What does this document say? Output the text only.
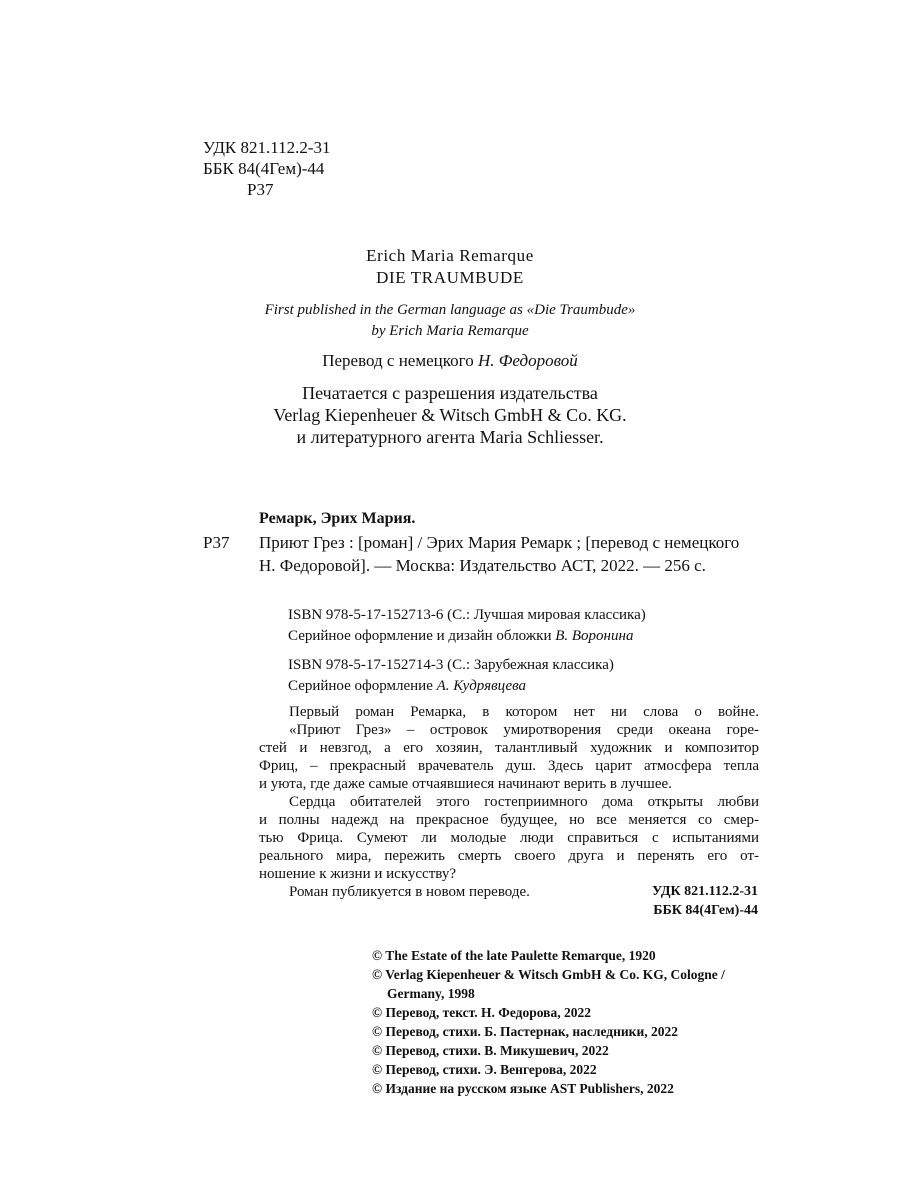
УДК 821.112.2-31
ББК 84(4Гем)-44
Р37
Erich Maria Remarque
DIE TRAUMBUDE
First published in the German language as «Die Traumbude»
by Erich Maria Remarque
Перевод с немецкого Н. Федоровой
Печатается с разрешения издательства
Verlag Kiepenheuer & Witsch GmbH & Co. KG.
и литературного агента Maria Schliesser.
Ремарк, Эрих Мария.
Р37 Приют Грез : [роман] / Эрих Мария Ремарк ; [перевод с немецкого Н. Федоровой]. — Москва: Издательство АСТ, 2022. — 256 с.
ISBN 978-5-17-152713-6 (С.: Лучшая мировая классика)
Серийное оформление и дизайн обложки В. Воронина
ISBN 978-5-17-152714-3 (С.: Зарубежная классика)
Серийное оформление А. Кудрявцева

Первый роман Ремарка, в котором нет ни слова о войне.

«Приют Грез» – островок умиротворения среди океана горе-

стей и невзгод, а его хозяин, талантливый художник и композитор

Фриц, – прекрасный врачеватель душ. Здесь царит атмосфера тепла

и уюта, где даже самые отчаявшиеся начинают верить в лучшее.

Сердца обитателей этого гостеприимного дома открыты любви

и полны надежд на прекрасное будущее, но все меняется со смер-

тью Фрица. Сумеют ли молодые люди справиться с испытаниями

реального мира, пережить смерть своего друга и перенять его от-

ношение к жизни и искусству?

Роман публикуется в новом переводе.	УДК 821.112.2-31
ББК 84(4Гем)-44
© The Estate of the late Paulette Remarque, 1920
© Verlag Kiepenheuer & Witsch GmbH & Co. KG, Cologne /
Germany, 1998
© Перевод, текст. Н. Федорова, 2022
© Перевод, стихи. Б. Пастернак, наследники, 2022
© Перевод, стихи. В. Микушевич, 2022
© Перевод, стихи. Э. Венгерова, 2022
© Издание на русском языке AST Publishers, 2022
